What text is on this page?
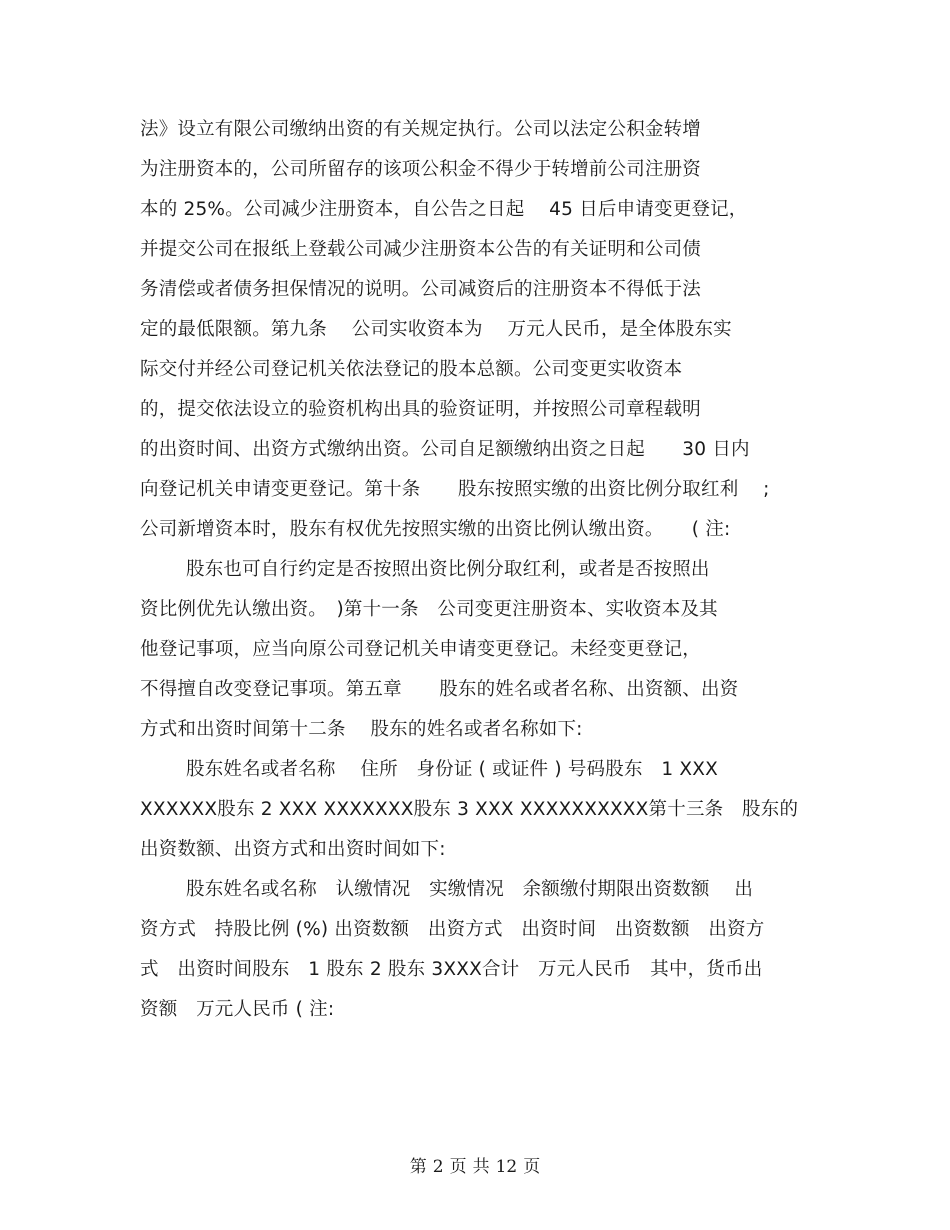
法》设立有限公司缴纳出资的有关规定执行。公司以法定公积金转增

为注册资本的，公司所留存的该项公积金不得少于转增前公司注册资

本的 25%。公司减少注册资本，自公告之日起　 45 日后申请变更登记，

并提交公司在报纸上登载公司减少注册资本公告的有关证明和公司债

务清偿或者债务担保情况的说明。公司减资后的注册资本不得低于法

定的最低限额。第九条　 公司实收资本为　 万元人民币，是全体股东实

际交付并经公司登记机关依法登记的股本总额。公司变更实收资本

的，提交依法设立的验资机构出具的验资证明，并按照公司章程载明

的出资时间、出资方式缴纳出资。公司自足额缴纳出资之日起　　30 日内

向登记机关申请变更登记。第十条　　股东按照实缴的出资比例分取红利　 ;

公司新增资本时，股东有权优先按照实缴的出资比例认缴出资。　　( 注:

股东也可自行约定是否按照出资比例分取红利，或者是否按照出

资比例优先认缴出资。　)第十一条　公司变更注册资本、实收资本及其

他登记事项，应当向原公司登记机关申请变更登记。未经变更登记，

不得擅自改变登记事项。第五章　　股东的姓名或者名称、出资额、出资

方式和出资时间第十二条　 股东的姓名或者名称如下:

股东姓名或者名称　 住所　身份证 ( 或证件 ) 号码股东　1 XXX

XXXXXX股东 2 XXX XXXXXXX股东 3 XXX XXXXXXXXXX第十三条　股东的

出资数额、出资方式和出资时间如下:

股东姓名或名称　认缴情况　实缴情况　余额缴付期限出资数额　 出

资方式　持股比例 (%) 出资数额　出资方式　出资时间　出资数额　出资方

式　出资时间股东　1 股东 2 股东 3XXX合计　万元人民币　其中，货币出

资额　万元人民币 ( 注:

第 2 页 共 12 页
